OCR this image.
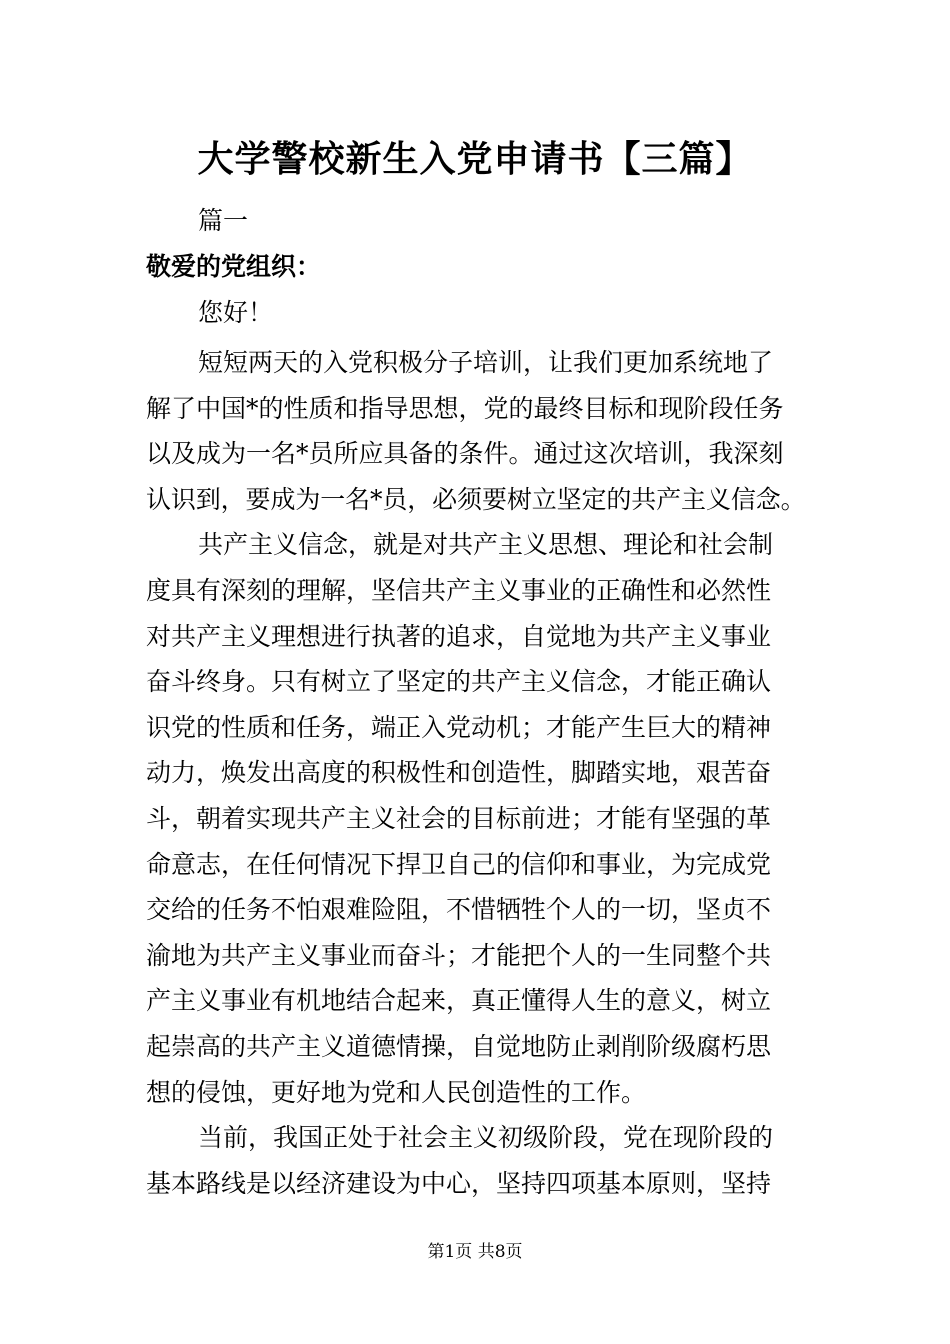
大学警校新生入党申请书【三篇】
篇一
敬爱的党组织：
您好！
短短两天的入党积极分子培训，让我们更加系统地了
解了中国*的性质和指导思想，党的最终目标和现阶段任务
以及成为一名*员所应具备的条件。通过这次培训，我深刻
认识到，要成为一名*员，必须要树立坚定的共产主义信念。
共产主义信念，就是对共产主义思想、理论和社会制
度具有深刻的理解，坚信共产主义事业的正确性和必然性
对共产主义理想进行执著的追求，自觉地为共产主义事业
奋斗终身。只有树立了坚定的共产主义信念，才能正确认
识党的性质和任务，端正入党动机；才能产生巨大的精神
动力，焕发出高度的积极性和创造性，脚踏实地，艰苦奋
斗，朝着实现共产主义社会的目标前进；才能有坚强的革
命意志，在任何情况下捍卫自己的信仰和事业，为完成党
交给的任务不怕艰难险阻，不惜牺牲个人的一切，坚贞不
渝地为共产主义事业而奋斗；才能把个人的一生同整个共
产主义事业有机地结合起来，真正懂得人生的意义，树立
起崇高的共产主义道德情操，自觉地防止剥削阶级腐朽思
想的侵蚀，更好地为党和人民创造性的工作。
当前，我国正处于社会主义初级阶段，党在现阶段的
基本路线是以经济建设为中心，坚持四项基本原则，坚持
第1页 共8页
